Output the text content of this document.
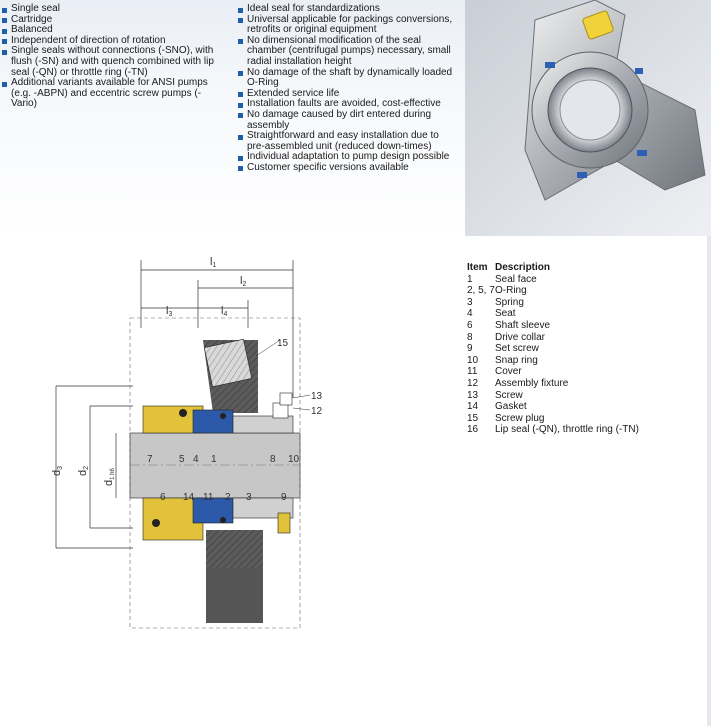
Single seal
Cartridge
Balanced
Independent of direction of rotation
Single seals without connections (-SNO), with flush (-SN) and with quench combined with lip seal (-QN) or throttle ring (-TN)
Additional variants available for ANSI pumps (e.g. -ABPN) and eccentric screw pumps (-Vario)
Ideal seal for standardizations
Universal applicable for packings conversions, retrofits or original equipment
No dimensional modification of the seal chamber (centrifugal pumps) necessary, small radial installation height
No damage of the shaft by dynamically loaded O-Ring
Extended service life
Installation faults are avoided, cost-effective
No damage caused by dirt entered during assembly
Straightforward and easy installation due to pre-assembled unit (reduced down-times)
Individual adaptation to pump design possible
Customer specific versions available
l1
l2
l3	l4
d3
d2
d1 h6
7	5 4 1	8 10
6 14 11 2 3	9
15
13
12
Item Description
1	Seal face
2, 5, 7 O-Ring
3	Spring
4	Seat
6	Shaft sleeve
8	Drive collar
9	Set screw
10	Snap ring
11	Cover
12	Assembly fixture
13	Screw
14	Gasket
15	Screw plug
16	Lip seal (-QN), throttle ring (-TN)
